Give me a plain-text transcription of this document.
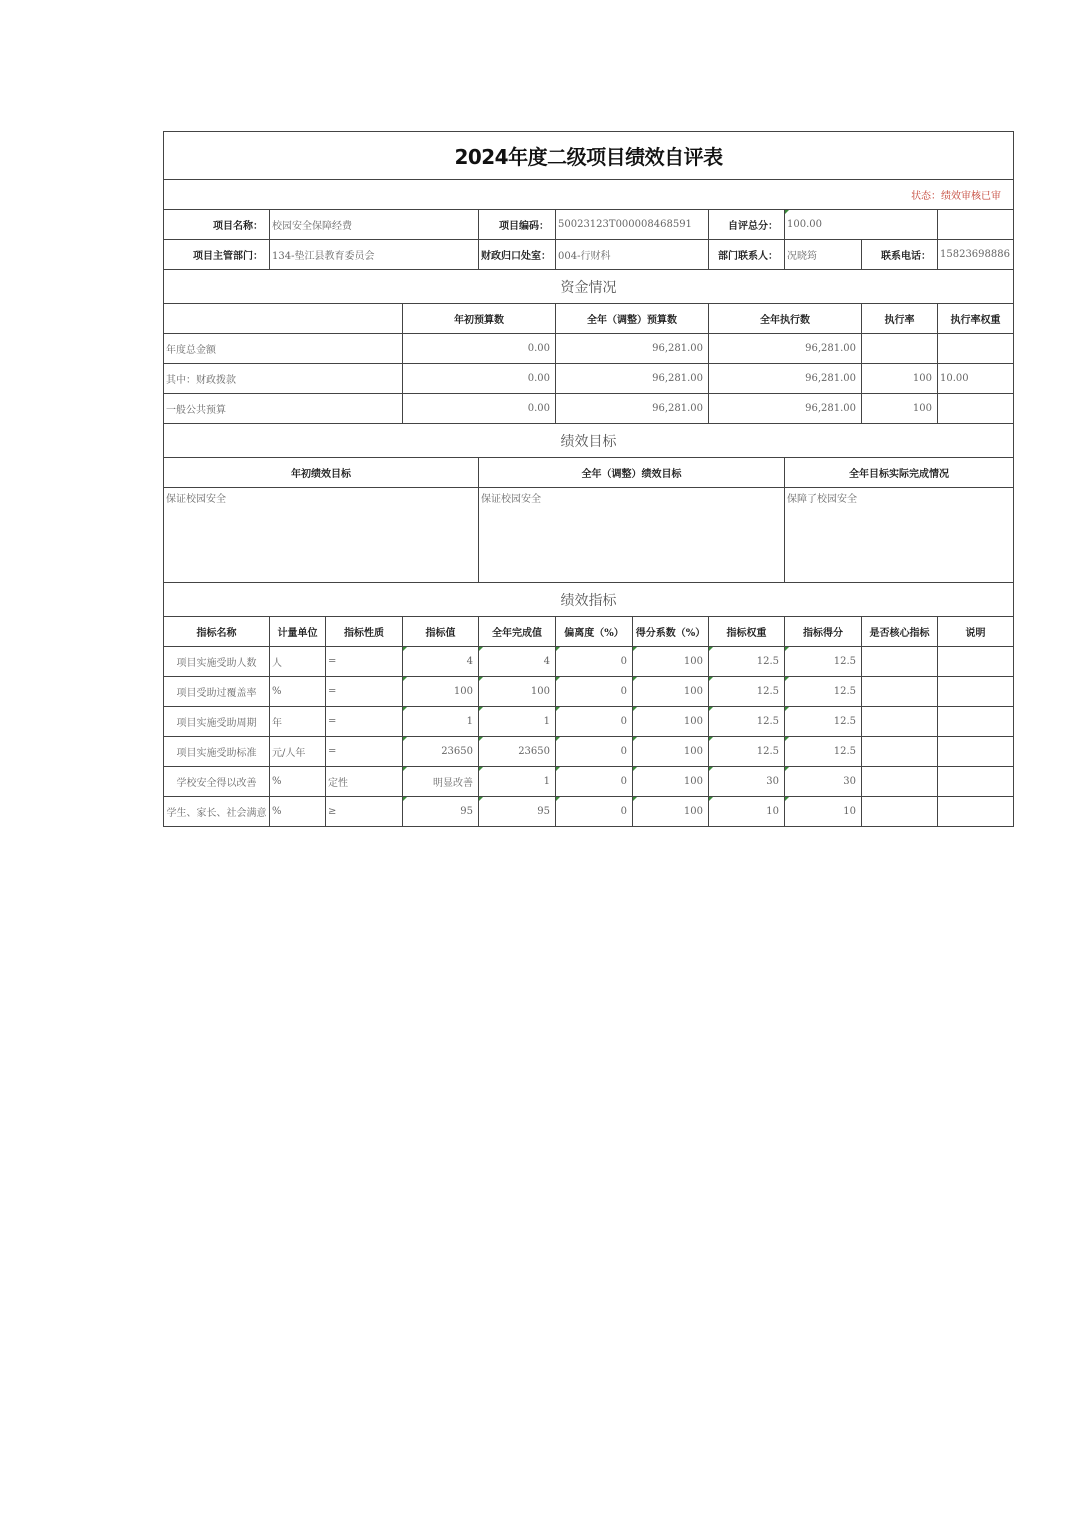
2024年度二级项目绩效自评表											
状态：绩效审核已审											
项目名称：	校园安全保障经费			项目编码：	50023123T000008468591		自评总分：	100.00			
项目主管部门：	134-垫江县教育委员会			财政归口处室：	004-行财科		部门联系人：	况晓筠	联系电话：	15823698886	
资金情况											
			年初预算数		全年（调整）预算数		全年执行数		执行率	执行率权重	
年度总金额			0.00		96,281.00		96,281.00				
其中：财政拨款			0.00		96,281.00		96,281.00		100	10.00	
一般公共预算			0.00		96,281.00		96,281.00		100		
绩效目标											
年初绩效目标				全年（调整）绩效目标				全年目标实际完成情况			
保证校园安全				保证校园安全				保障了校园安全			
绩效指标											
指标名称	计量单位	指标性质	指标值	全年完成值	偏离度（%）	得分系数（%）	指标权重	指标得分	是否核心指标	说明	
项目实施受助人数	人	=	4	4	0	100	12.5	12.5			
项目受助过覆盖率	%	=	100	100	0	100	12.5	12.5			
项目实施受助周期	年	=	1	1	0	100	12.5	12.5			
项目实施受助标准	元/人年	=	23650	23650	0	100	12.5	12.5			
学校安全得以改善	%	定性	明显改善	1	0	100	30	30			
学生、家长、社会满意	%	≥	95	95	0	100	10	10			
